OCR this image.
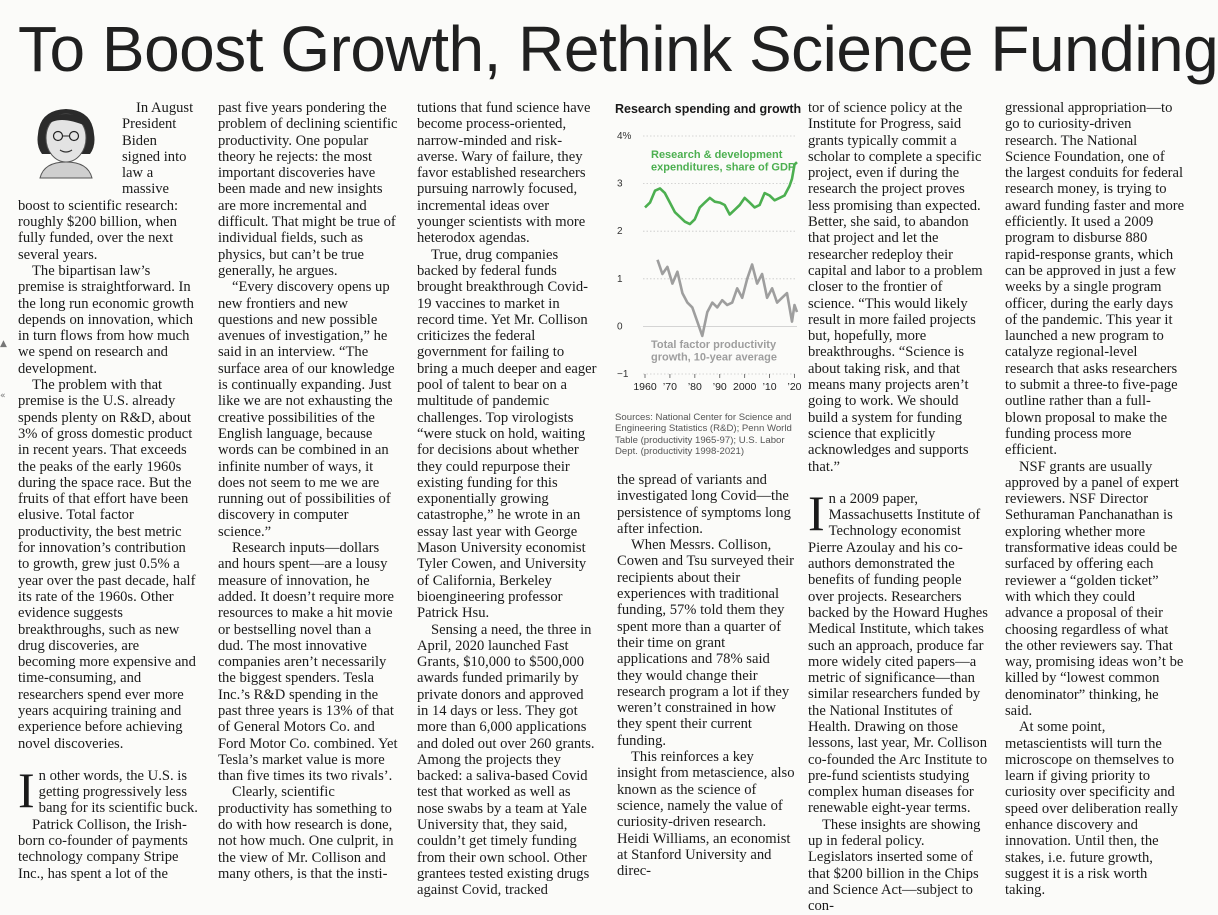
To Boost Growth, Rethink Science Funding
▲
«

In August President Biden signed into law a massive boost to scientific research: roughly $200 billion, when fully funded, over the next several years.

The bipartisan law’s premise is straightforward. In the long run economic growth depends on innovation, which in turn flows from how much we spend on research and development.

The problem with that premise is the U.S. already spends plenty on R&D, about 3% of gross domestic product in recent years. That exceeds the peaks of the early 1960s during the space race. But the fruits of that effort have been elusive. Total factor productivity, the best metric for innovation’s contribution to growth, grew just 0.5% a year over the past decade, half its rate of the 1960s. Other evidence suggests breakthroughs, such as new drug discoveries, are becoming more expensive and time-consuming, and researchers spend ever more years acquiring training and experience before achieving novel discoveries.

In other words, the U.S. is getting progressively less bang for its scientific buck.

Patrick Collison, the Irish-born co-founder of payments technology company Stripe Inc., has spent a lot of the

past five years pondering the problem of declining scientific productivity. One popular theory he rejects: the most important discoveries have been made and new insights are more incremental and difficult. That might be true of individual fields, such as physics, but can’t be true generally, he argues.

“Every discovery opens up new frontiers and new questions and new possible avenues of investigation,” he said in an interview. “The surface area of our knowledge is continually expanding. Just like we are not exhausting the creative possibilities of the English language, because words can be combined in an infinite number of ways, it does not seem to me we are running out of possibilities of discovery in computer science.”

Research inputs—dollars and hours spent—are a lousy measure of innovation, he added. It doesn’t require more resources to make a hit movie or bestselling novel than a dud. The most innovative companies aren’t necessarily the biggest spenders. Tesla Inc.’s R&D spending in the past three years is 13% of that of General Motors Co. and Ford Motor Co. combined. Yet Tesla’s market value is more than five times its two rivals’.

Clearly, scientific productivity has something to do with how research is done, not how much. One culprit, in the view of Mr. Collison and many others, is that the insti-

tutions that fund science have become process-oriented, narrow-minded and risk-averse. Wary of failure, they favor established researchers pursuing narrowly focused, incremental ideas over younger scientists with more heterodox agendas.

True, drug companies backed by federal funds brought breakthrough Covid-19 vaccines to market in record time. Yet Mr. Collison criticizes the federal government for failing to bring a much deeper and eager pool of talent to bear on a multitude of pandemic challenges. Top virologists “were stuck on hold, waiting for decisions about whether they could repurpose their existing funding for this exponentially growing catastrophe,” he wrote in an essay last year with George Mason University economist Tyler Cowen, and University of California, Berkeley bioengineering professor Patrick Hsu.

Sensing a need, the three in April, 2020 launched Fast Grants, $10,000 to $500,000 awards funded primarily by private donors and approved in 14 days or less. They got more than 6,000 applications and doled out over 260 grants. Among the projects they backed: a saliva-based Covid test that worked as well as nose swabs by a team at Yale University that, they said, couldn’t get timely funding from their own school. Other grantees tested existing drugs against Covid, tracked

Research spending and growth
4%
3
2
1
0
−1
1960 ’70 ’80 ’90 2000 ’10 ’20
Research & development
expenditures, share of GDP
Total factor productivity
growth, 10-year average
Sources: National Center for Science and Engineering Statistics (R&D); Penn World Table (productivity 1965-97); U.S. Labor Dept. (productivity 1998-2021)

the spread of variants and investigated long Covid—the persistence of symptoms long after infection.

When Messrs. Collison, Cowen and Tsu surveyed their recipients about their experiences with traditional funding, 57% told them they spent more than a quarter of their time on grant applications and 78% said they would change their research program a lot if they weren’t constrained in how they spent their current funding.

This reinforces a key insight from metascience, also known as the science of science, namely the value of curiosity-driven research. Heidi Williams, an economist at Stanford University and direc-

tor of science policy at the Institute for Progress, said grants typically commit a scholar to complete a specific project, even if during the research the project proves less promising than expected. Better, she said, to abandon that project and let the researcher redeploy their capital and labor to a problem closer to the frontier of science. “This would likely result in more failed projects but, hopefully, more breakthroughs. “Science is about taking risk, and that means many projects aren’t going to work. We should build a system for funding science that explicitly acknowledges and supports that.”

In a 2009 paper, Massachusetts Institute of Technology economist Pierre Azoulay and his co-authors demonstrated the benefits of funding people over projects. Researchers backed by the Howard Hughes Medical Institute, which takes such an approach, produce far more widely cited papers—a metric of significance—than similar researchers funded by the National Institutes of Health. Drawing on those lessons, last year, Mr. Collison co-founded the Arc Institute to pre-fund scientists studying complex human diseases for renewable eight-year terms.

These insights are showing up in federal policy. Legislators inserted some of that $200 billion in the Chips and Science Act—subject to con-

gressional appropriation—to go to curiosity-driven research. The National Science Foundation, one of the largest conduits for federal research money, is trying to award funding faster and more efficiently. It used a 2009 program to disburse 880 rapid-response grants, which can be approved in just a few weeks by a single program officer, during the early days of the pandemic. This year it launched a new program to catalyze regional-level research that asks researchers to submit a three-to five-page outline rather than a full-blown proposal to make the funding process more efficient.

NSF grants are usually approved by a panel of expert reviewers. NSF Director Sethuraman Panchanathan is exploring whether more transformative ideas could be surfaced by offering each reviewer a “golden ticket” with which they could advance a proposal of their choosing regardless of what the other reviewers say. That way, promising ideas won’t be killed by “lowest common denominator” thinking, he said.

At some point, metascientists will turn the microscope on themselves to learn if giving priority to curiosity over specificity and speed over deliberation really enhance discovery and innovation. Until then, the stakes, i.e. future growth, suggest it is a risk worth taking.
